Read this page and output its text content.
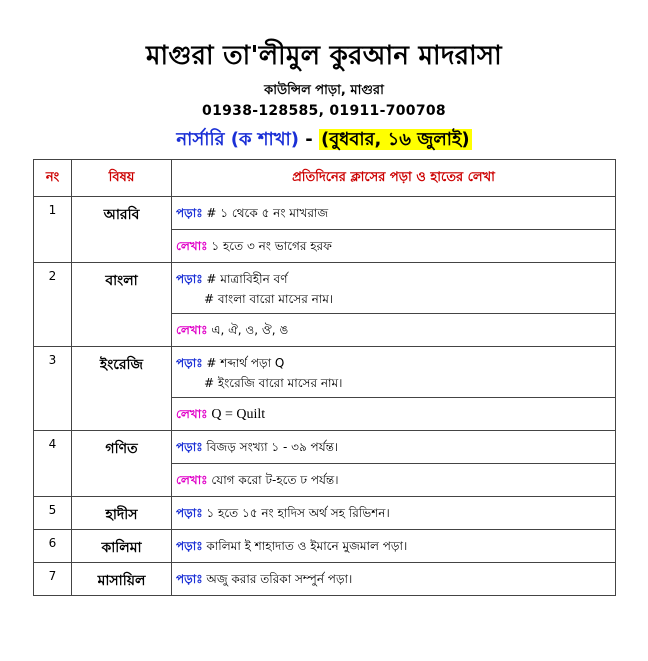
মাগুরা তা'লীমুল কুরআন মাদরাসা
কাউন্সিল পাড়া, মাগুরা
01938-128585, 01911-700708
নার্সারি (ক শাখা) - (বুধবার, ১৬ জুলাই)
নং	বিষয়	প্রতিদিনের ক্লাসের পড়া ও হাতের লেখা
1	আরবি	পড়াঃ # ১ থেকে ৫ নং মাখরাজ
		লেখাঃ ১ হতে ৩ নং ভাগের হরফ
2	বাংলা	পড়াঃ # মাত্রাবিহীন বর্ণ
# বাংলা বারো মাসের নাম।

		লেখাঃ এ, ঐ, ও, ঔ, ঙ
3	ইংরেজি	পড়াঃ # শব্দার্থ পড়া Q
# ইংরেজি বারো মাসের নাম।

		লেখাঃ Q = Quilt
4	গণিত	পড়াঃ বিজড় সংখ্যা ১ - ৩৯ পর্যন্ত।
		লেখাঃ যোগ করো ট-হতে ঢ পর্যন্ত।
5	হাদীস	পড়াঃ ১ হতে ১৫ নং হাদিস অর্থ সহ রিভিশন।
6	কালিমা	পড়াঃ কালিমা ই শাহাদাত ও ইমানে মুজমাল পড়া।
7	মাসায়িল	পড়াঃ অজু করার তরিকা সম্পুর্ন পড়া।
